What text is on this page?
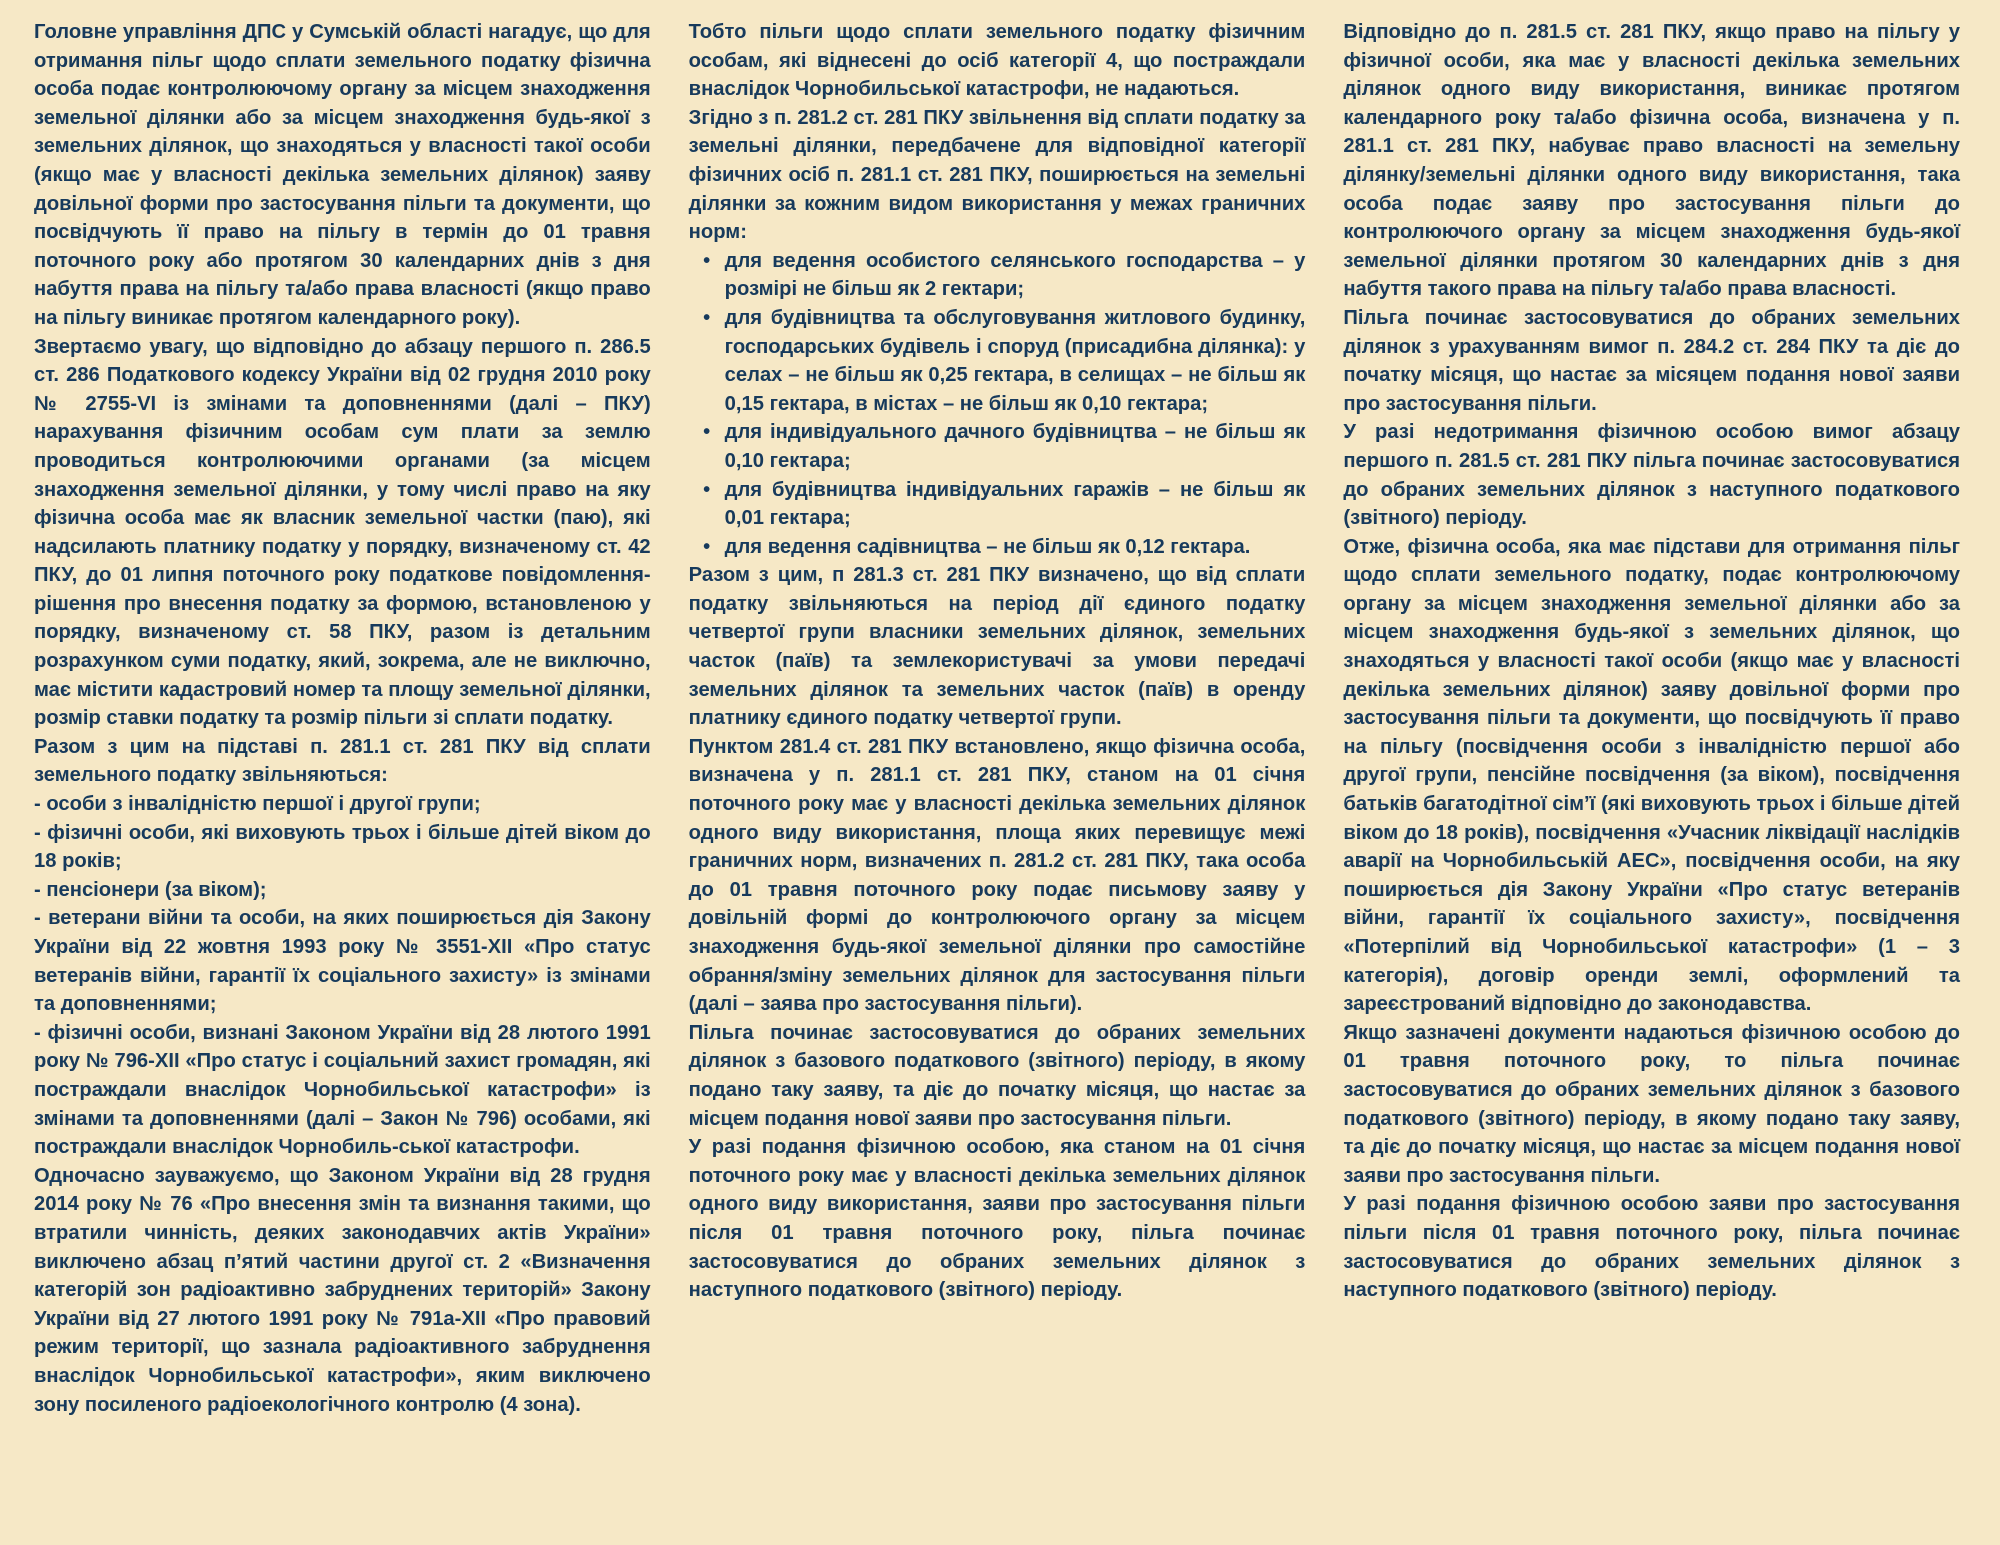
Головне управління ДПС у Сумській області нагадує, що для отримання пільг щодо сплати земельного податку фізична особа подає контролюючому органу за місцем знаходження земельної ділянки або за місцем знаходження будь-якої з земельних ділянок, що знаходяться у власності такої особи (якщо має у власності декілька земельних ділянок) заяву довільної форми про застосування пільги та документи, що посвідчують її право на пільгу в термін до 01 травня поточного року або протягом 30 календарних днів з дня набуття права на пільгу та/або права власності (якщо право на пільгу виникає протягом календарного року).

Звертаємо увагу, що відповідно до абзацу першого п. 286.5 ст. 286 Податкового кодексу України від 02 грудня 2010 року № 2755-VI із змінами та доповненнями (далі – ПКУ) нарахування фізичним особам сум плати за землю проводиться контролюючими органами (за місцем знаходження земельної ділянки, у тому числі право на яку фізична особа має як власник земельної частки (паю), які надсилають платнику податку у порядку, визначеному ст. 42 ПКУ, до 01 липня поточного року податкове повідомлення-рішення про внесення податку за формою, встановленою у порядку, визначеному ст. 58 ПКУ, разом із детальним розрахунком суми податку, який, зокрема, але не виключно, має містити кадастровий номер та площу земельної ділянки, розмір ставки податку та розмір пільги зі сплати податку.

Разом з цим на підставі п. 281.1 ст. 281 ПКУ від сплати земельного податку звільняються:

- особи з інвалідністю першої і другої групи;

- фізичні особи, які виховують трьох і більше дітей віком до 18 років;

- пенсіонери (за віком);

- ветерани війни та особи, на яких поширюється дія Закону України від 22 жовтня 1993 року № 3551-XII «Про статус ветеранів війни, гарантії їх соціального захисту» із змінами та доповненнями;

- фізичні особи, визнані Законом України від 28 лютого 1991 року № 796-XII «Про статус і соціальний захист громадян, які постраждали внаслідок Чорнобильської катастрофи» із змінами та доповненнями (далі – Закон № 796) особами, які постраждали внаслідок Чорнобиль-ської катастрофи.

Одночасно зауважуємо, що Законом України від 28 грудня 2014 року № 76 «Про внесення змін та визнання такими, що втратили чинність, деяких законодавчих актів України» виключено абзац п’ятий частини другої ст. 2 «Визначення категорій зон радіоактивно забруднених територій» Закону України від 27 лютого 1991 року № 791а-XII «Про правовий режим території, що зазнала радіоактивного забруднення внаслідок Чорнобильської катастрофи», яким виключено зону посиленого радіоекологічного контролю (4 зона).

Тобто пільги щодо сплати земельного податку фізичним особам, які віднесені до осіб категорії 4, що постраждали внаслідок Чорнобильської катастрофи, не надаються.

Згідно з п. 281.2 ст. 281 ПКУ звільнення від сплати податку за земельні ділянки, передбачене для відповідної категорії фізичних осіб п. 281.1 ст. 281 ПКУ, поширюється на земельні ділянки за кожним видом використання у межах граничних норм:

• для ведення особистого селянського господарства – у розмірі не більш як 2 гектари;
• для будівництва та обслуговування житлового будинку, господарських будівель і споруд (присадибна ділянка): у селах – не більш як 0,25 гектара, в селищах – не більш як 0,15 гектара, в містах – не більш як 0,10 гектара;
• для індивідуального дачного будівництва – не більш як 0,10 гектара;
• для будівництва індивідуальних гаражів – не більш як 0,01 гектара;
• для ведення садівництва – не більш як 0,12 гектара.

Разом з цим, п 281.3 ст. 281 ПКУ визначено, що від сплати податку звільняються на період дії єдиного податку четвертої групи власники земельних ділянок, земельних часток (паїв) та землекористувачі за умови передачі земельних ділянок та земельних часток (паїв) в оренду платнику єдиного податку четвертої групи.

Пунктом 281.4 ст. 281 ПКУ встановлено, якщо фізична особа, визначена у п. 281.1 ст. 281 ПКУ, станом на 01 січня поточного року має у власності декілька земельних ділянок одного виду використання, площа яких перевищує межі граничних норм, визначених п. 281.2 ст. 281 ПКУ, така особа до 01 травня поточного року подає письмову заяву у довільній формі до контролюючого органу за місцем знаходження будь-якої земельної ділянки про самостійне обрання/зміну земельних ділянок для застосування пільги (далі – заява про застосування пільги).

Пільга починає застосовуватися до обраних земельних ділянок з базового податкового (звітного) періоду, в якому подано таку заяву, та діє до початку місяця, що настає за місцем подання нової заяви про застосування пільги.

У разі подання фізичною особою, яка станом на 01 січня поточного року має у власності декілька земельних ділянок одного виду використання, заяви про застосування пільги після 01 травня поточного року, пільга починає застосовуватися до обраних земельних ділянок з наступного податкового (звітного) періоду.

Відповідно до п. 281.5 ст. 281 ПКУ, якщо право на пільгу у фізичної особи, яка має у власності декілька земельних ділянок одного виду використання, виникає протягом календарного року та/або фізична особа, визначена у п. 281.1 ст. 281 ПКУ, набуває право власності на земельну ділянку/земельні ділянки одного виду використання, така особа подає заяву про застосування пільги до контролюючого органу за місцем знаходження будь-якої земельної ділянки протягом 30 календарних днів з дня набуття такого права на пільгу та/або права власності.

Пільга починає застосовуватися до обраних земельних ділянок з урахуванням вимог п. 284.2 ст. 284 ПКУ та діє до початку місяця, що настає за місяцем подання нової заяви про застосування пільги.

У разі недотримання фізичною особою вимог абзацу першого п. 281.5 ст. 281 ПКУ пільга починає застосовуватися до обраних земельних ділянок з наступного податкового (звітного) періоду.

Отже, фізична особа, яка має підстави для отримання пільг щодо сплати земельного податку, подає контролюючому органу за місцем знаходження земельної ділянки або за місцем знаходження будь-якої з земельних ділянок, що знаходяться у власності такої особи (якщо має у власності декілька земельних ділянок) заяву довільної форми про застосування пільги та документи, що посвідчують її право на пільгу (посвідчення особи з інвалідністю першої або другої групи, пенсійне посвідчення (за віком), посвідчення батьків багатодітної сім’ї (які виховують трьох і більше дітей віком до 18 років), посвідчення «Учасник ліквідації наслідків аварії на Чорнобильській АЕС», посвідчення особи, на яку поширюється дія Закону України «Про статус ветеранів війни, гарантії їх соціального захисту», посвідчення «Потерпілий від Чорнобильської катастрофи» (1 – 3 категорія), договір оренди землі, оформлений та зареєстрований відповідно до законодавства.

Якщо зазначені документи надаються фізичною особою до 01 травня поточного року, то пільга починає застосовуватися до обраних земельних ділянок з базового податкового (звітного) періоду, в якому подано таку заяву, та діє до початку місяця, що настає за місцем подання нової заяви про застосування пільги.

У разі подання фізичною особою заяви про застосування пільги після 01 травня поточного року, пільга починає застосовуватися до обраних земельних ділянок з наступного податкового (звітного) періоду.
